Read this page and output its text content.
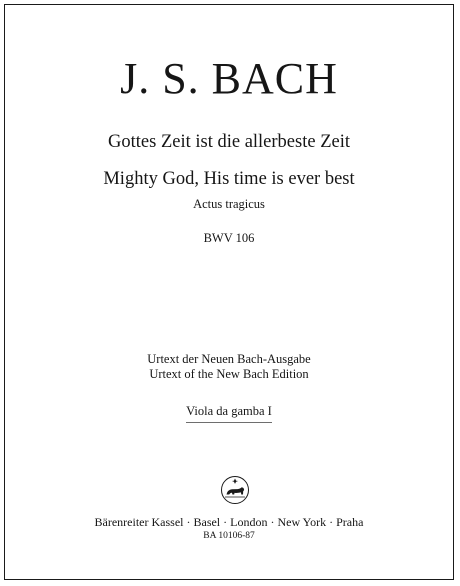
J. S. BACH
Gottes Zeit ist die allerbeste Zeit
Mighty God, His time is ever best
Actus tragicus
BWV 106
Urtext der Neuen Bach-Ausgabe
Urtext of the New Bach Edition
Viola da gamba I
Bärenreiter Kassel · Basel · London · New York · Praha
BA 10106-87
